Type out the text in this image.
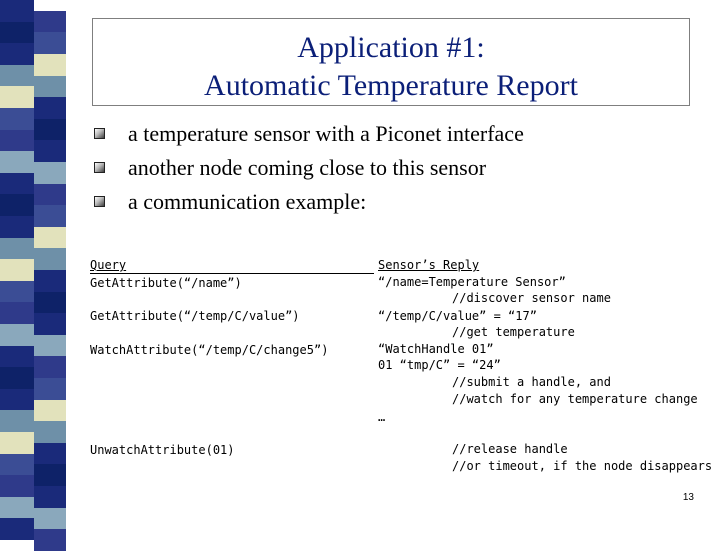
Application #1:
Automatic Temperature Report
a temperature sensor with a Piconet interface
another node coming close to this sensor
a communication example:
Query
GetAttribute(“/name”)
GetAttribute(“/temp/C/value”)
WatchAttribute(“/temp/C/change5”)
UnwatchAttribute(01)
Sensor’s Reply
“/name=Temperature Sensor”
//discover sensor name
“/temp/C/value” = “17”
//get temperature
“WatchHandle 01”
01 “tmp/C” = “24”
//submit a handle, and
//watch for any temperature change
…
//release handle
//or timeout, if the node disappears
13
